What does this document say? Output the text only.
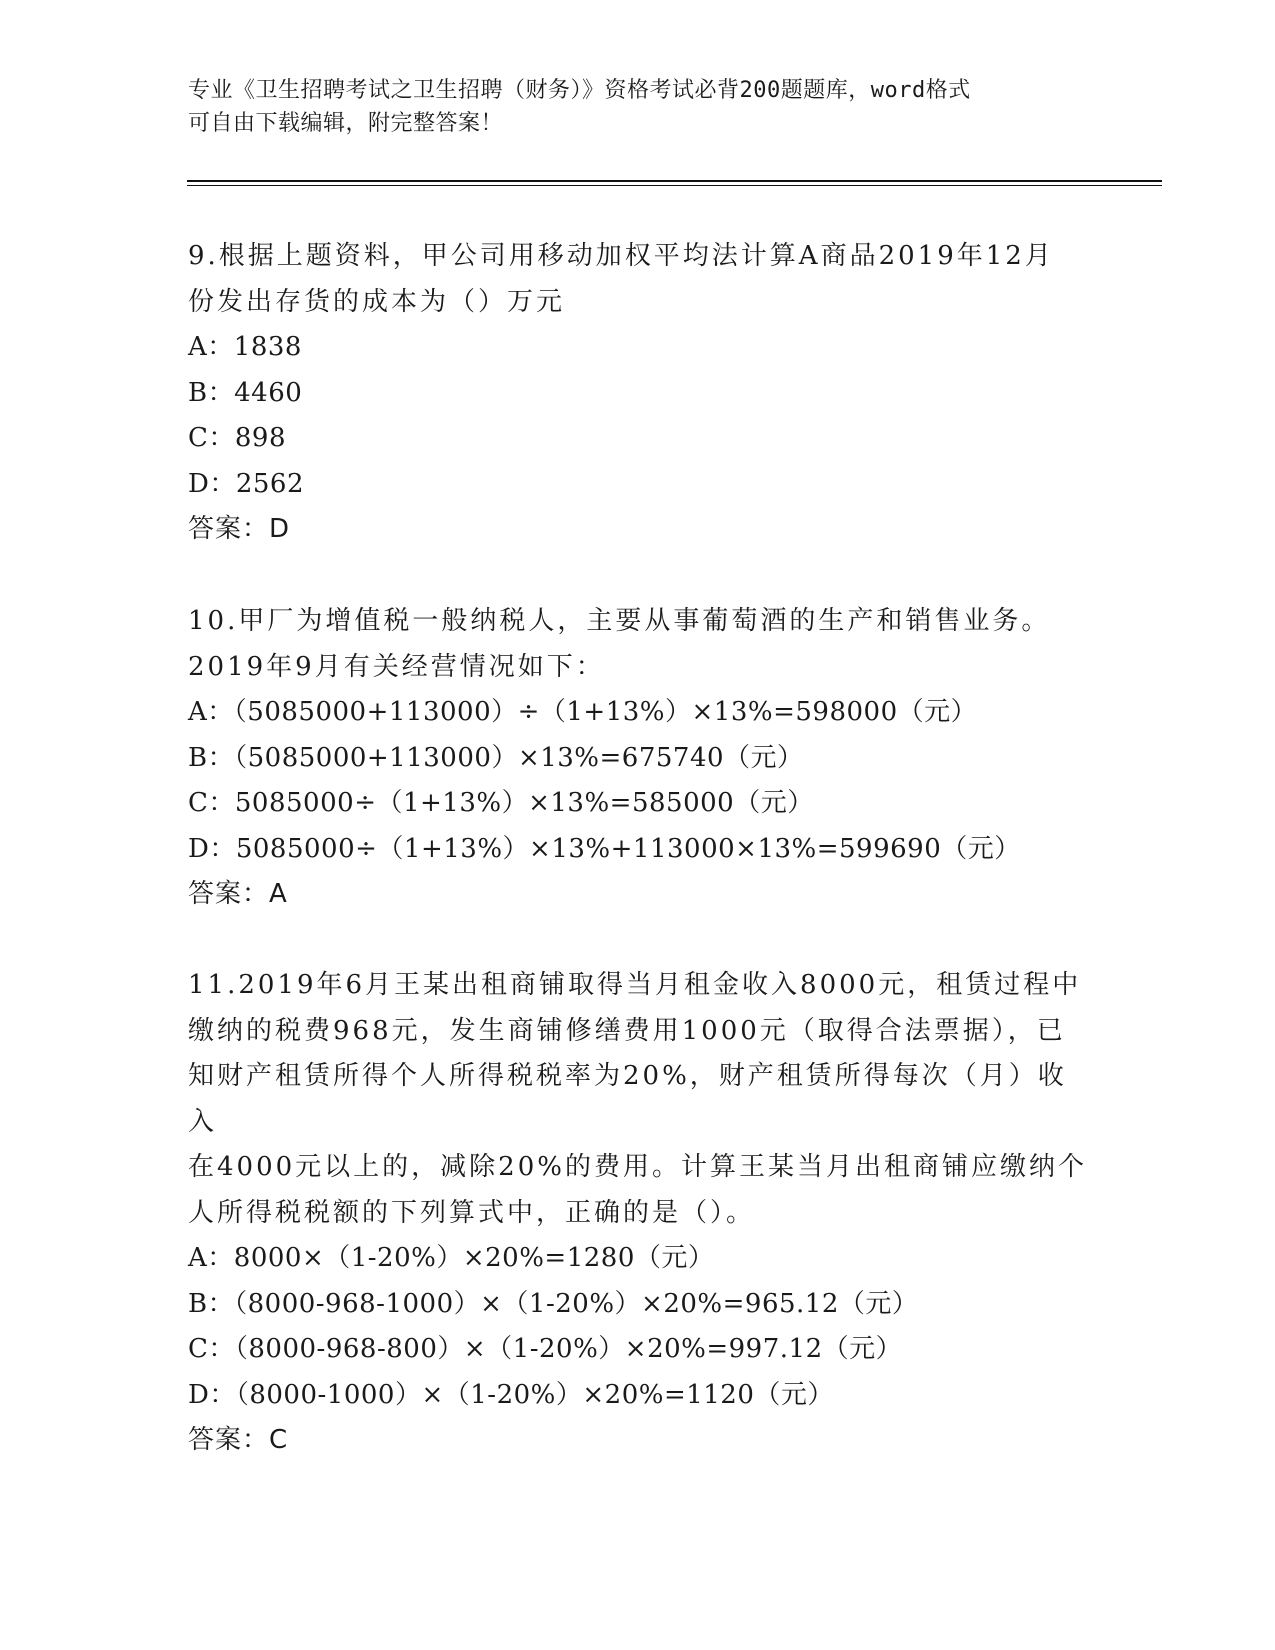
专业《卫生招聘考试之卫生招聘（财务）》资格考试必背200题题库，word格式
可自由下载编辑，附完整答案！

9.根据上题资料，甲公司用移动加权平均法计算A商品2019年12月

份发出存货的成本为（）万元

A：1838

B：4460

C：898

D：2562

答案：D

10.甲厂为增值税一般纳税人，主要从事葡萄酒的生产和销售业务。

2019年9月有关经营情况如下：

A：（5085000+113000）÷（1+13%）×13%=598000（元）

B：（5085000+113000）×13%=675740（元）

C：5085000÷（1+13%）×13%=585000（元）

D：5085000÷（1+13%）×13%+113000×13%=599690（元）

答案：A

11.2019年6月王某出租商铺取得当月租金收入8000元，租赁过程中

缴纳的税费968元，发生商铺修缮费用1000元（取得合法票据），已

知财产租赁所得个人所得税税率为20%，财产租赁所得每次（月）收入

在4000元以上的，减除20%的费用。计算王某当月出租商铺应缴纳个

人所得税税额的下列算式中，正确的是（）。

A：8000×（1-20%）×20%=1280（元）

B：（8000-968-1000）×（1-20%）×20%=965.12（元）

C：（8000-968-800）×（1-20%）×20%=997.12（元）

D：（8000-1000）×（1-20%）×20%=1120（元）

答案：C
